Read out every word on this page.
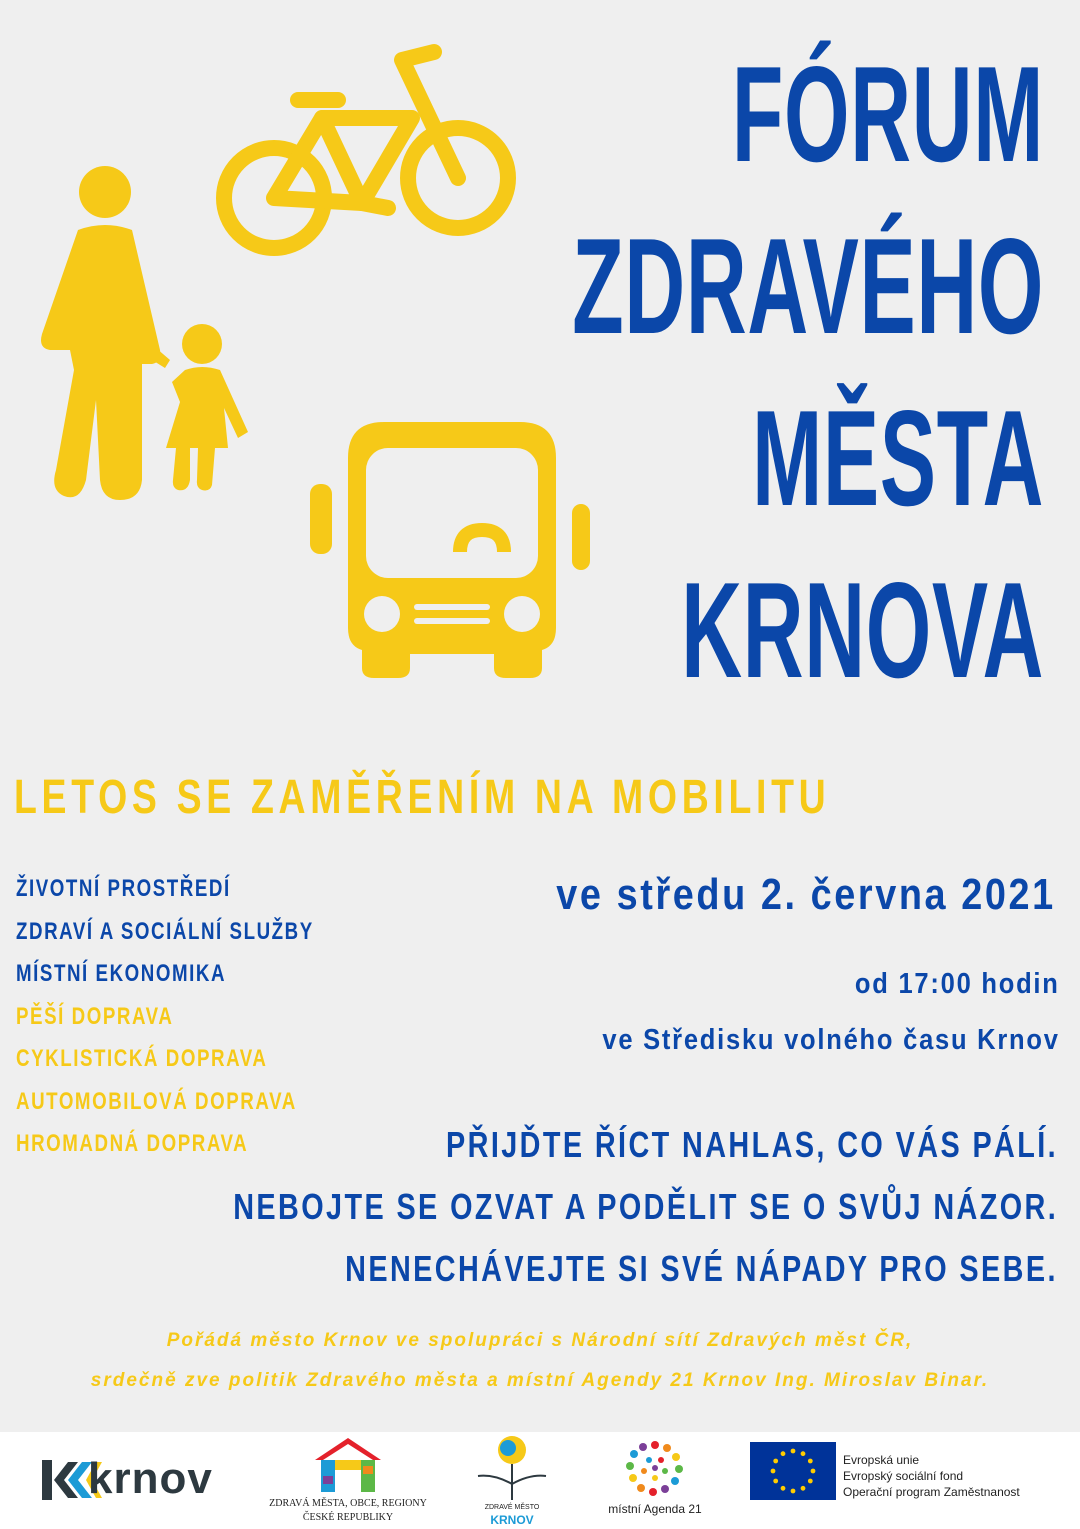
FÓRUM
ZDRAVÉHO
MĚSTA
KRNOVA
LETOS SE ZAMĚŘENÍM NA MOBILITU
ŽIVOTNÍ PROSTŘEDÍ
ZDRAVÍ A SOCIÁLNÍ SLUŽBY
MÍSTNÍ EKONOMIKA
PĚŠÍ DOPRAVA
CYKLISTICKÁ DOPRAVA
AUTOMOBILOVÁ DOPRAVA
HROMADNÁ DOPRAVA
ve středu 2. června 2021
od 17:00 hodin
ve Středisku volného času Krnov
PŘIJĎTE ŘÍCT NAHLAS, CO VÁS PÁLÍ.
NEBOJTE SE OZVAT A PODĚLIT SE O SVŮJ NÁZOR.
NENECHÁVEJTE SI SVÉ NÁPADY PRO SEBE.
Pořádá město Krnov ve spolupráci s Národní sítí Zdravých měst ČR,
srdečně zve politik Zdravého města a místní Agendy 21 Krnov Ing. Miroslav Binar.
krnov
ZDRAVÁ MĚSTA, OBCE, REGIONY
ČESKÉ REPUBLIKY
ZDRAVÉ MĚSTO
KRNOV
místní Agenda 21
Evropská unie
Evropský sociální fond
Operační program Zaměstnanost
